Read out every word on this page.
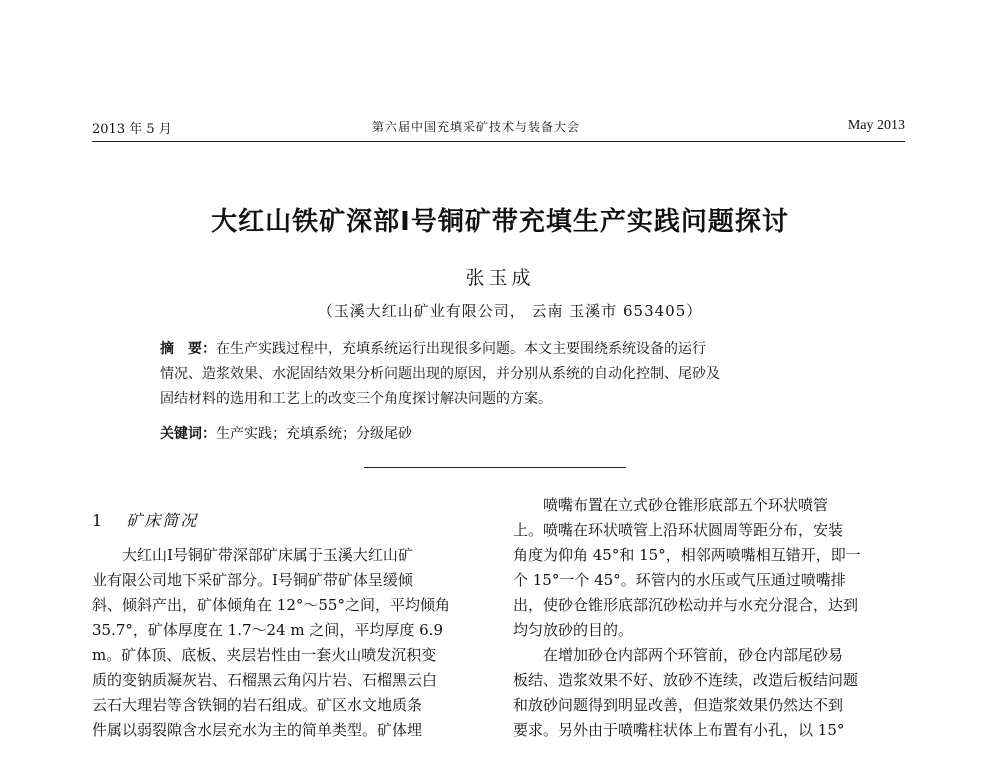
2013 年 5 月	第六届中国充填采矿技术与装备大会	May 2013
大红山铁矿深部Ⅰ号铜矿带充填生产实践问题探讨
张玉成
（玉溪大红山矿业有限公司， 云南 玉溪市 653405）
摘　要：在生产实践过程中，充填系统运行出现很多问题。本文主要围绕系统设备的运行
情况、造浆效果、水泥固结效果分析问题出现的原因，并分别从系统的自动化控制、尾砂及
固结材料的选用和工艺上的改变三个角度探讨解决问题的方案。
关键词：生产实践；充填系统；分级尾砂
1 矿床简况
　　大红山Ⅰ号铜矿带深部矿床属于玉溪大红山矿
业有限公司地下采矿部分。Ⅰ号铜矿带矿体呈缓倾
斜、倾斜产出，矿体倾角在 12°～55°之间，平均倾角
35.7°，矿体厚度在 1.7～24 m 之间，平均厚度 6.9
m。矿体顶、底板、夹层岩性由一套火山喷发沉积变
质的变钠质凝灰岩、石榴黑云角闪片岩、石榴黑云白
云石大理岩等含铁铜的岩石组成。矿区水文地质条
件属以弱裂隙含水层充水为主的简单类型。矿体埋
　　喷嘴布置在立式砂仓锥形底部五个环状喷管
上。喷嘴在环状喷管上沿环状圆周等距分布，安装
角度为仰角 45°和 15°，相邻两喷嘴相互错开，即一
个 15°一个 45°。环管内的水压或气压通过喷嘴排
出，使砂仓锥形底部沉砂松动并与水充分混合，达到
均匀放砂的目的。
　　在增加砂仓内部两个环管前，砂仓内部尾砂易
板结、造浆效果不好、放砂不连续，改造后板结问题
和放砂问题得到明显改善，但造浆效果仍然达不到
要求。另外由于喷嘴柱状体上布置有小孔，以 15°
